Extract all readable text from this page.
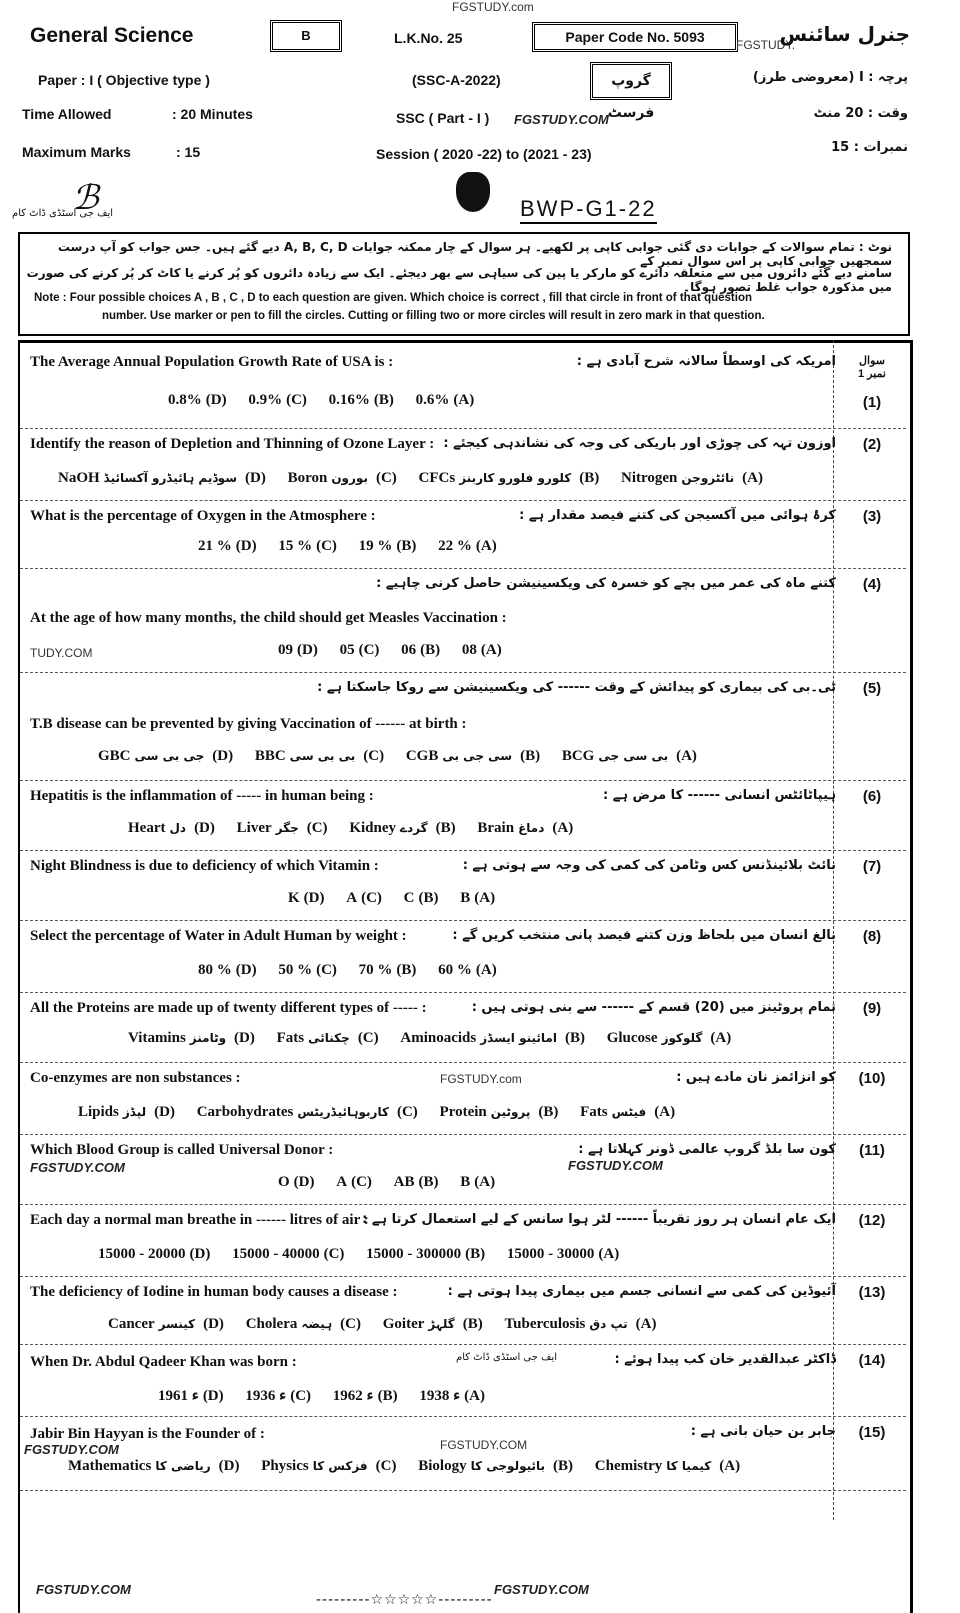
FGSTUDY.com
General Science	B	L.K.No. 25	Paper Code No. 5093	FGSTUDY.
جنرل سائنس
Paper : I ( Objective type )	(SSC-A-2022)	گروپ فرسٹ
پرچہ : I (معروضی طرز)
Time Allowed	: 20 Minutes	SSC ( Part - I ) FGSTUDY.COM	وقت : 20 منٹ
Maximum Marks	: 15	Session ( 2020 -22) to (2021 - 23)	نمبرات : 15
ایف جی اسٹڈی ڈاٹ کام
ℬ	BWP-G1-22
نوٹ : تمام سوالات کے جوابات دی گئی جوابی کاپی پر لکھیے۔ ہر سوال کے چار ممکنہ جوابات A, B, C, D دیے گئے ہیں۔ جس جواب کو آپ درست سمجھیں جوابی کاپی پر اس سوال نمبر کے
سامنے دیے گئے دائروں میں سے متعلقہ دائرے کو مارکر یا پین کی سیاہی سے بھر دیجئے۔ ایک سے زیادہ دائروں کو پُر کرنے یا کاٹ کر پُر کرنے کی صورت میں مذکورہ جواب غلط تصور ہوگا۔
Note : Four possible choices A , B , C , D to each question are given. Which choice is correct , fill that circle in front of that question
number. Use marker or pen to fill the circles. Cutting or filling two or more circles will result in zero mark in that question.
The Average Annual Population Growth Rate of USA is :	امریکہ کی اوسطاً سالانہ شرح آبادی ہے :	سوال نمبر 1
(1)
0.8% (D) 0.9% (C) 0.16% (B) 0.6% (A)
Identify the reason of Depletion and Thinning of Ozone Layer : اوزون تہہ کی چوڑی اور باریکی کی وجہ کی نشاندہی کیجئے :	(2)
NaOH سوڈیم ہائیڈرو آکسائیڈ (D) Boron بورون (C) CFCs کلورو فلورو کاربنز (B) Nitrogen نائٹروجن (A)
What is the percentage of Oxygen in the Atmosphere :	کرۂ ہوائی میں آکسیجن کی کتنے فیصد مقدار ہے :	(3)
21 % (D) 15 % (C) 19 % (B) 22 % (A)
کتنے ماہ کی عمر میں بچے کو خسرہ کی ویکسینیشن حاصل کرنی چاہیے :	(4)
At the age of how many months, the child should get Measles Vaccination :
TUDY.COM	09 (D) 05 (C) 06 (B) 08 (A)
ٹی۔بی کی بیماری کو پیدائش کے وقت ------ کی ویکسینیشن سے روکا جاسکتا ہے :	(5)
T.B disease can be prevented by giving Vaccination of ------ at birth :
GBC جی بی سی (D) BBC بی بی سی (C) CGB سی جی بی (B) BCG بی سی جی (A)
Hepatitis is the inflammation of ----- in human being :	ہیپاٹائٹس انسانی ------ کا مرض ہے :	(6)
Heart دل (D) Liver جگر (C) Kidney گردے (B) Brain دماغ (A)
Night Blindness is due to deficiency of which Vitamin :	نائٹ بلائینڈنس کس وٹامن کی کمی کی وجہ سے ہوتی ہے :	(7)
K (D) A (C) C (B) B (A)
Select the percentage of Water in Adult Human by weight :	بالغ انسان میں بلحاظ وزن کتنے فیصد پانی منتخب کریں گے :	(8)
80 % (D) 50 % (C) 70 % (B) 60 % (A)
All the Proteins are made up of twenty different types of ----- :	تمام پروٹینز میں (20) قسم کے ------ سے بنی ہوتی ہیں :	(9)
Vitamins وٹامنز (D) Fats چکنائی (C) Aminoacids امائینو ایسڈز (B) Glucose گلوکوز (A)
Co-enzymes are non substances :	FGSTUDY.com	کو انزائمز نان مادے ہیں :	(10)
Lipids لپڈز (D) Carbohydrates کاربوہائیڈریٹس (C) Protein پروٹین (B) Fats فیٹس (A)
Which Blood Group is called Universal Donor :
FGSTUDY.COM	FGSTUDY.COM
کون سا بلڈ گروپ عالمی ڈونر کہلاتا ہے :	(11)
O (D) A (C) AB (B) B (A)
Each day a normal man breathe in ------ litres of air :
ایک عام انسان ہر روز تقریباً ------ لٹر ہوا سانس کے لیے استعمال کرتا ہے :	(12)
15000 - 20000 (D) 15000 - 40000 (C) 15000 - 300000 (B) 15000 - 30000 (A)
The deficiency of Iodine in human body causes a disease :	آئیوڈین کی کمی سے انسانی جسم میں بیماری پیدا ہوتی ہے :	(13)
Cancer کینسر (D) Cholera ہیضہ (C) Goiter گلہڑ (B) Tuberculosis تپ دق (A)
When Dr. Abdul Qadeer Khan was born :	ایف جی اسٹڈی ڈاٹ کام	ڈاکٹر عبدالقدیر خان کب پیدا ہوئے :	(14)
1961 ء (D) 1936 ء (C) 1962 ء (B) 1938 ء (A)
Jabir Bin Hayyan is the Founder of :
FGSTUDY.COM	FGSTUDY.COM
جابر بن حیان بانی ہے :	(15)
Mathematics ریاضی کا (D) Physics فزکس کا (C) Biology بائیولوجی کا (B) Chemistry کیمیا کا (A)
FGSTUDY.COM	FGSTUDY.COM
---------☆☆☆☆☆---------
